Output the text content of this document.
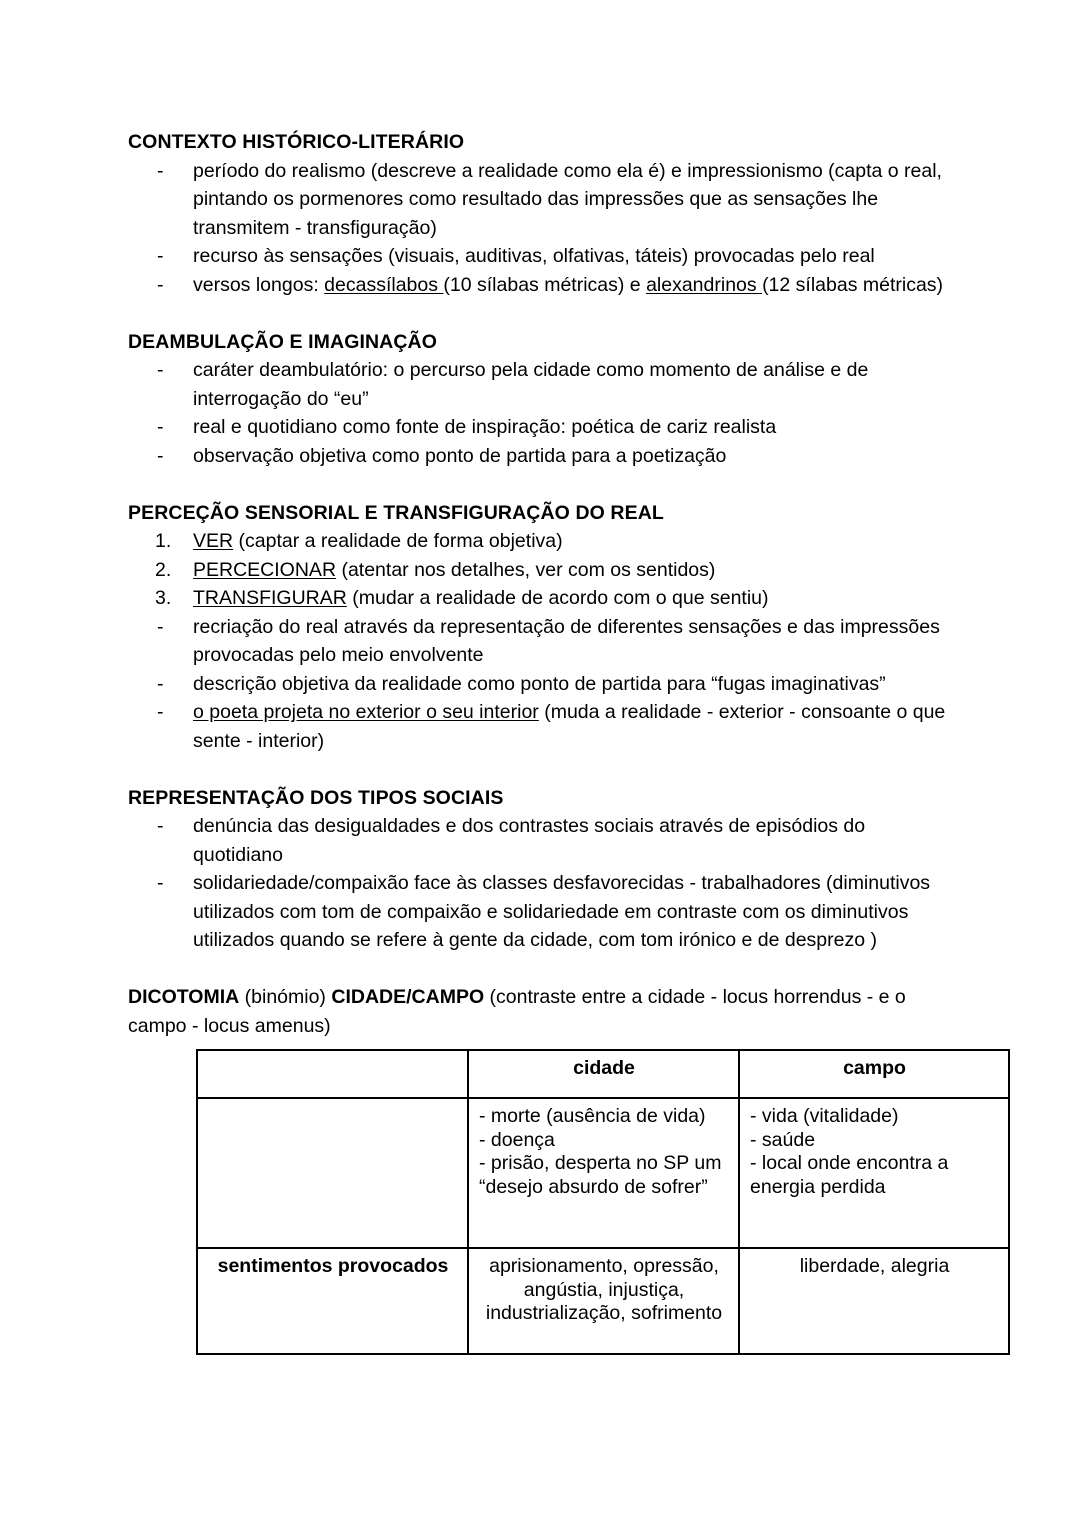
CONTEXTO HISTÓRICO-LITERÁRIO
-	período do realismo (descreve a realidade como ela é) e impressionismo (capta o real, pintando os pormenores como resultado das impressões que as sensações lhe transmitem - transfiguração)
-	recurso às sensações (visuais, auditivas, olfativas, táteis) provocadas pelo real
-	versos longos: decassílabos (10 sílabas métricas) e alexandrinos (12 sílabas métricas)
DEAMBULAÇÃO E IMAGINAÇÃO
-	caráter deambulatório: o percurso pela cidade como momento de análise e de interrogação do “eu”
-	real e quotidiano como fonte de inspiração: poética de cariz realista
-	observação objetiva como ponto de partida para a poetização
PERCEÇÃO SENSORIAL E TRANSFIGURAÇÃO DO REAL
1.	VER (captar a realidade de forma objetiva)
2.	PERCECIONAR (atentar nos detalhes, ver com os sentidos)
3.	TRANSFIGURAR (mudar a realidade de acordo com o que sentiu)
-	recriação do real através da representação de diferentes sensações e das impressões provocadas pelo meio envolvente
-	descrição objetiva da realidade como ponto de partida para “fugas imaginativas”
-	o poeta projeta no exterior o seu interior (muda a realidade - exterior - consoante o que sente - interior)
REPRESENTAÇÃO DOS TIPOS SOCIAIS
-	denúncia das desigualdades e dos contrastes sociais através de episódios do quotidiano
-	solidariedade/compaixão face às classes desfavorecidas - trabalhadores (diminutivos utilizados com tom de compaixão e solidariedade em contraste com os diminutivos utilizados quando se refere à gente da cidade, com tom irónico e de desprezo )

DICOTOMIA (binómio) CIDADE/CAMPO (contraste entre a cidade - locus horrendus - e o campo - locus amenus)

	cidade	campo

	- morte (ausência de vida)
- doença
- prisão, desperta no SP um “desejo absurdo de sofrer”	- vida (vitalidade)
- saúde
- local onde encontra a energia perdida

sentimentos provocados	aprisionamento, opressão, angústia, injustiça, industrialização, sofrimento	liberdade, alegria
